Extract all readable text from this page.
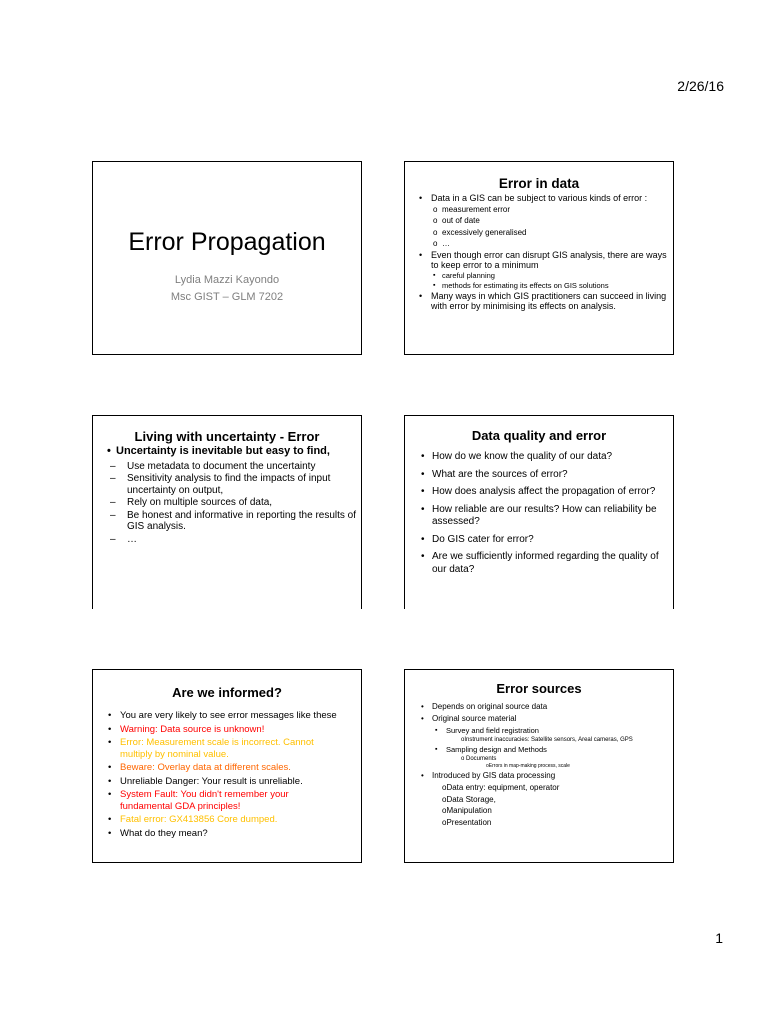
2/26/16
Error Propagation
Lydia Mazzi Kayondo
Msc GIST – GLM 7202
Error in data
• Data in a GIS can be subject to various kinds of error :
o measurement error
o out of date
o excessively generalised
o …
• Even though error can disrupt GIS analysis, there are ways to keep error to a minimum
▪ careful planning
▪ methods for estimating its effects on GIS solutions
• Many ways in which GIS practitioners can succeed in living with error by minimising its effects on analysis.
Living with uncertainty - Error
• Uncertainty is inevitable but easy to find,
– Use metadata to document the uncertainty
– Sensitivity analysis to find the impacts of input uncertainty on output,
– Rely on multiple sources of data,
– Be honest and informative in reporting the results of GIS analysis.
– …
Data quality and error
• How do we know the quality of our data?
• What are the sources of error?
• How does analysis affect the propagation of error?
• How reliable are our results? How can reliability be assessed?
• Do GIS cater for error?
• Are we sufficiently informed regarding the quality of our data?
Are we informed?
• You are very likely to see error messages like these
• Warning: Data source is unknown!
• Error: Measurement scale is incorrect. Cannot multiply by nominal value.
• Beware: Overlay data at different scales.
• Unreliable Danger: Your result is unreliable.
• System Fault: You didn't remember your fundamental GDA principles!
• Fatal error: GX413856 Core dumped.
• What do they mean?
Error sources
• Depends on original source data
• Original source material
▪ Survey and field registration
o Instrument inaccuracies: Satellite sensors, Areal cameras, GPS
▪ Sampling design and Methods
o Documents
o Errors in map-making process, scale
• Introduced by GIS data processing
o Data entry: equipment, operator
o Data Storage,
o Manipulation
o Presentation
1
